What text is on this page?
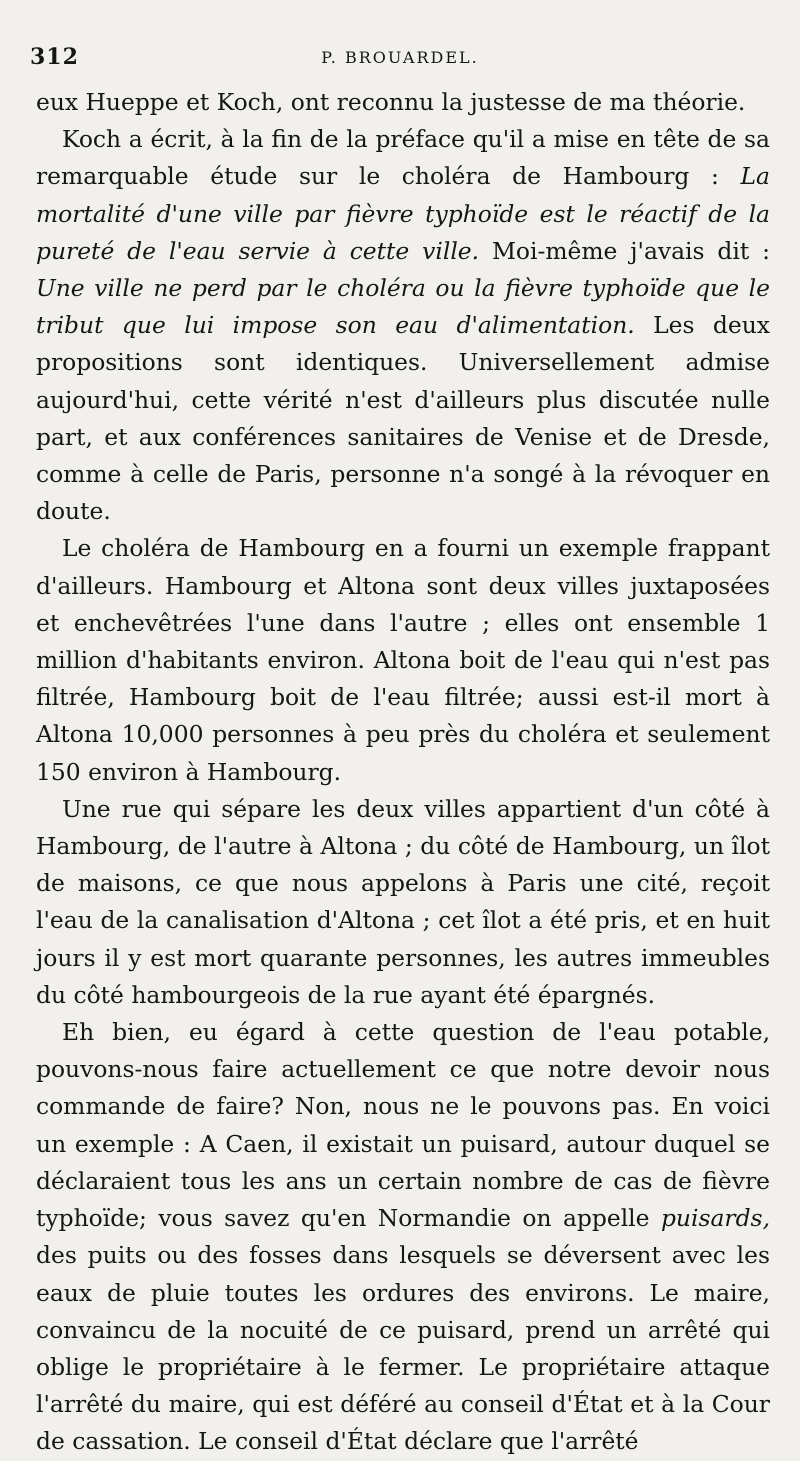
312	P. BROUARDEL.

eux Hueppe et Koch, ont reconnu la justesse de ma théorie.

Koch a écrit, à la fin de la préface qu'il a mise en tête de sa remarquable étude sur le choléra de Hambourg : La mortalité d'une ville par fièvre typhoïde est le réactif de la pureté de l'eau servie à cette ville. Moi-même j'avais dit : Une ville ne perd par le choléra ou la fièvre typhoïde que le tribut que lui impose son eau d'alimentation. Les deux propositions sont identiques. Universellement admise aujourd'hui, cette vérité n'est d'ailleurs plus discutée nulle part, et aux conférences sanitaires de Venise et de Dresde, comme à celle de Paris, personne n'a songé à la révoquer en doute.

Le choléra de Hambourg en a fourni un exemple frappant d'ailleurs. Hambourg et Altona sont deux villes juxtaposées et enchevêtrées l'une dans l'autre ; elles ont ensemble 1 million d'habitants environ. Altona boit de l'eau qui n'est pas filtrée, Hambourg boit de l'eau filtrée; aussi est-il mort à Altona 10,000 personnes à peu près du choléra et seulement 150 environ à Hambourg.

Une rue qui sépare les deux villes appartient d'un côté à Hambourg, de l'autre à Altona ; du côté de Hambourg, un îlot de maisons, ce que nous appelons à Paris une cité, reçoit l'eau de la canalisation d'Altona ; cet îlot a été pris, et en huit jours il y est mort quarante personnes, les autres immeubles du côté hambourgeois de la rue ayant été épargnés.

Eh bien, eu égard à cette question de l'eau potable, pouvons-nous faire actuellement ce que notre devoir nous commande de faire? Non, nous ne le pouvons pas. En voici un exemple : A Caen, il existait un puisard, autour duquel se déclaraient tous les ans un certain nombre de cas de fièvre typhoïde; vous savez qu'en Normandie on appelle puisards, des puits ou des fosses dans lesquels se déversent avec les eaux de pluie toutes les ordures des environs. Le maire, convaincu de la nocuité de ce puisard, prend un arrêté qui oblige le propriétaire à le fermer. Le propriétaire attaque l'arrêté du maire, qui est déféré au conseil d'État et à la Cour de cassation. Le conseil d'État déclare que l'arrêté
